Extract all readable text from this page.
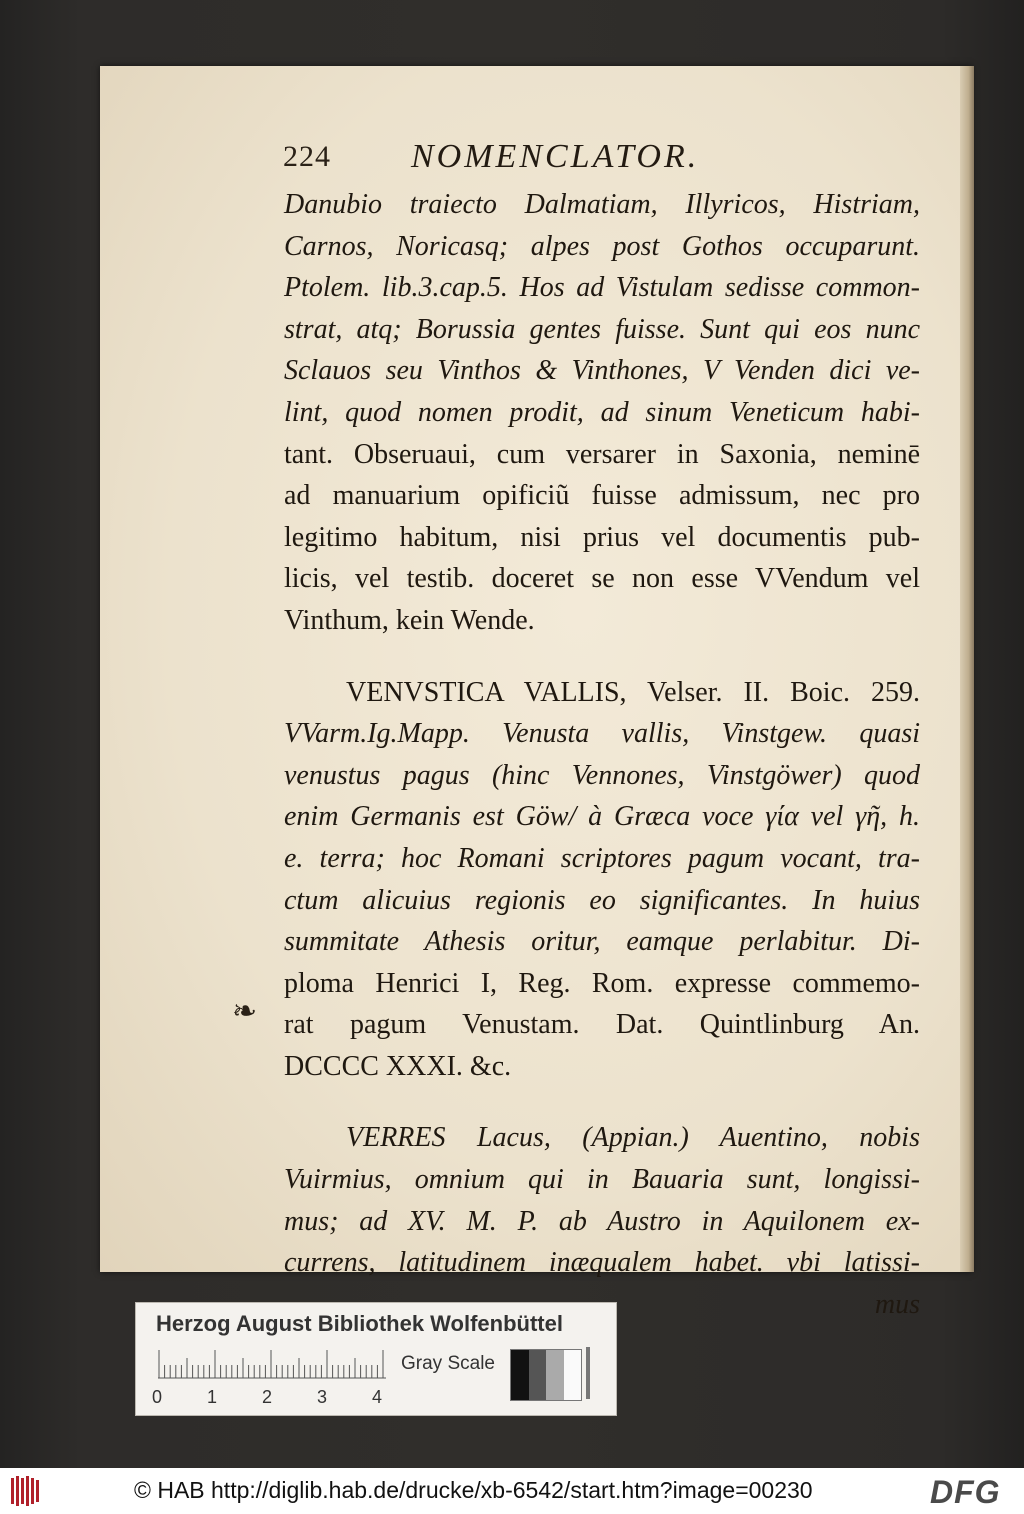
224 NOMENCLATOR.
Danubio traiecto Dalmatiam, Illyricos, Histriam,
Carnos, Noricasq; alpes post Gothos occuparunt.
Ptolem. lib.3.cap.5. Hos ad Vistulam sedisse common-
strat, atq; Borussia gentes fuisse. Sunt qui eos nunc
Sclauos seu Vinthos & Vinthones, V Venden dici ve-
lint, quod nomen prodit, ad sinum Veneticum habi-
tant. Obseruaui, cum versarer in Saxonia, neminē
ad manuarium opificiũ fuisse admissum, nec pro
legitimo habitum, nisi prius vel documentis pub-
licis, vel testib. doceret se non esse VVendum vel
Vinthum, kein Wende.
VENVSTICA VALLIS, Velser. II. Boic. 259.
VVarm.Ig.Mapp. Venusta vallis, Vinstgew. quasi
venustus pagus (hinc Vennones, Vinstgöwer) quod
enim Germanis est Göw/ à Græca voce γία vel γῆ, h.
e. terra; hoc Romani scriptores pagum vocant, tra-
ctum alicuius regionis eo significantes. In huius
summitate Athesis oritur, eamque perlabitur. Di-
ploma Henrici I, Reg. Rom. expresse commemo-
rat pagum Venustam. Dat. Quintlinburg An.
DCCCC XXXI. &c.
VERRES Lacus, (Appian.) Auentino, nobis
Vuirmius, omnium qui in Bauaria sunt, longissi-
mus; ad XV. M. P. ab Austro in Aquilonem ex-
currens, latitudinem inæqualem habet. vbi latissi-
mus
❧
Herzog August Bibliothek Wolfenbüttel
0 1 2 3 4
Gray Scale
© HAB http://diglib.hab.de/drucke/xb-6542/start.htm?image=00230	DFG
